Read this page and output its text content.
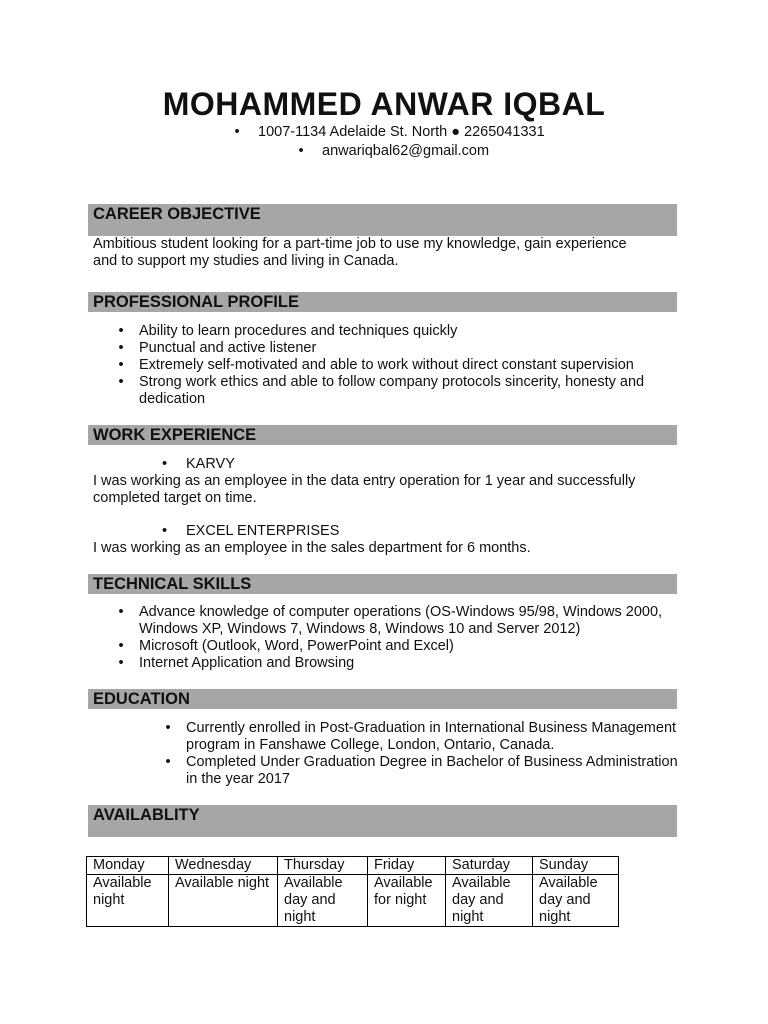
MOHAMMED ANWAR IQBAL
• 1007-1134 Adelaide St. North ● 2265041331
• anwariqbal62@gmail.com
CAREER OBJECTIVE
Ambitious student looking for a part-time job to use my knowledge, gain experience
and to support my studies and living in Canada.
PROFESSIONAL PROFILE
• Ability to learn procedures and techniques quickly
• Punctual and active listener
• Extremely self-motivated and able to work without direct constant supervision
• Strong work ethics and able to follow company protocols sincerity, honesty and dedication
WORK EXPERIENCE
• KARVY
I was working as an employee in the data entry operation for 1 year and successfully completed target on time.
• EXCEL ENTERPRISES
I was working as an employee in the sales department for 6 months.
TECHNICAL SKILLS
• Advance knowledge of computer operations (OS-Windows 95/98, Windows 2000, Windows XP, Windows 7, Windows 8, Windows 10 and Server 2012)
• Microsoft (Outlook, Word, PowerPoint and Excel)
• Internet Application and Browsing
EDUCATION
• Currently enrolled in Post-Graduation in International Business Management program in Fanshawe College, London, Ontario, Canada.
• Completed Under Graduation Degree in Bachelor of Business Administration in the year 2017
AVAILABLITY
Monday	Wednesday	Thursday	Friday	Saturday	Sunday
Available night	Available night	Available day and night	Available for night	Available day and night	Available day and night
